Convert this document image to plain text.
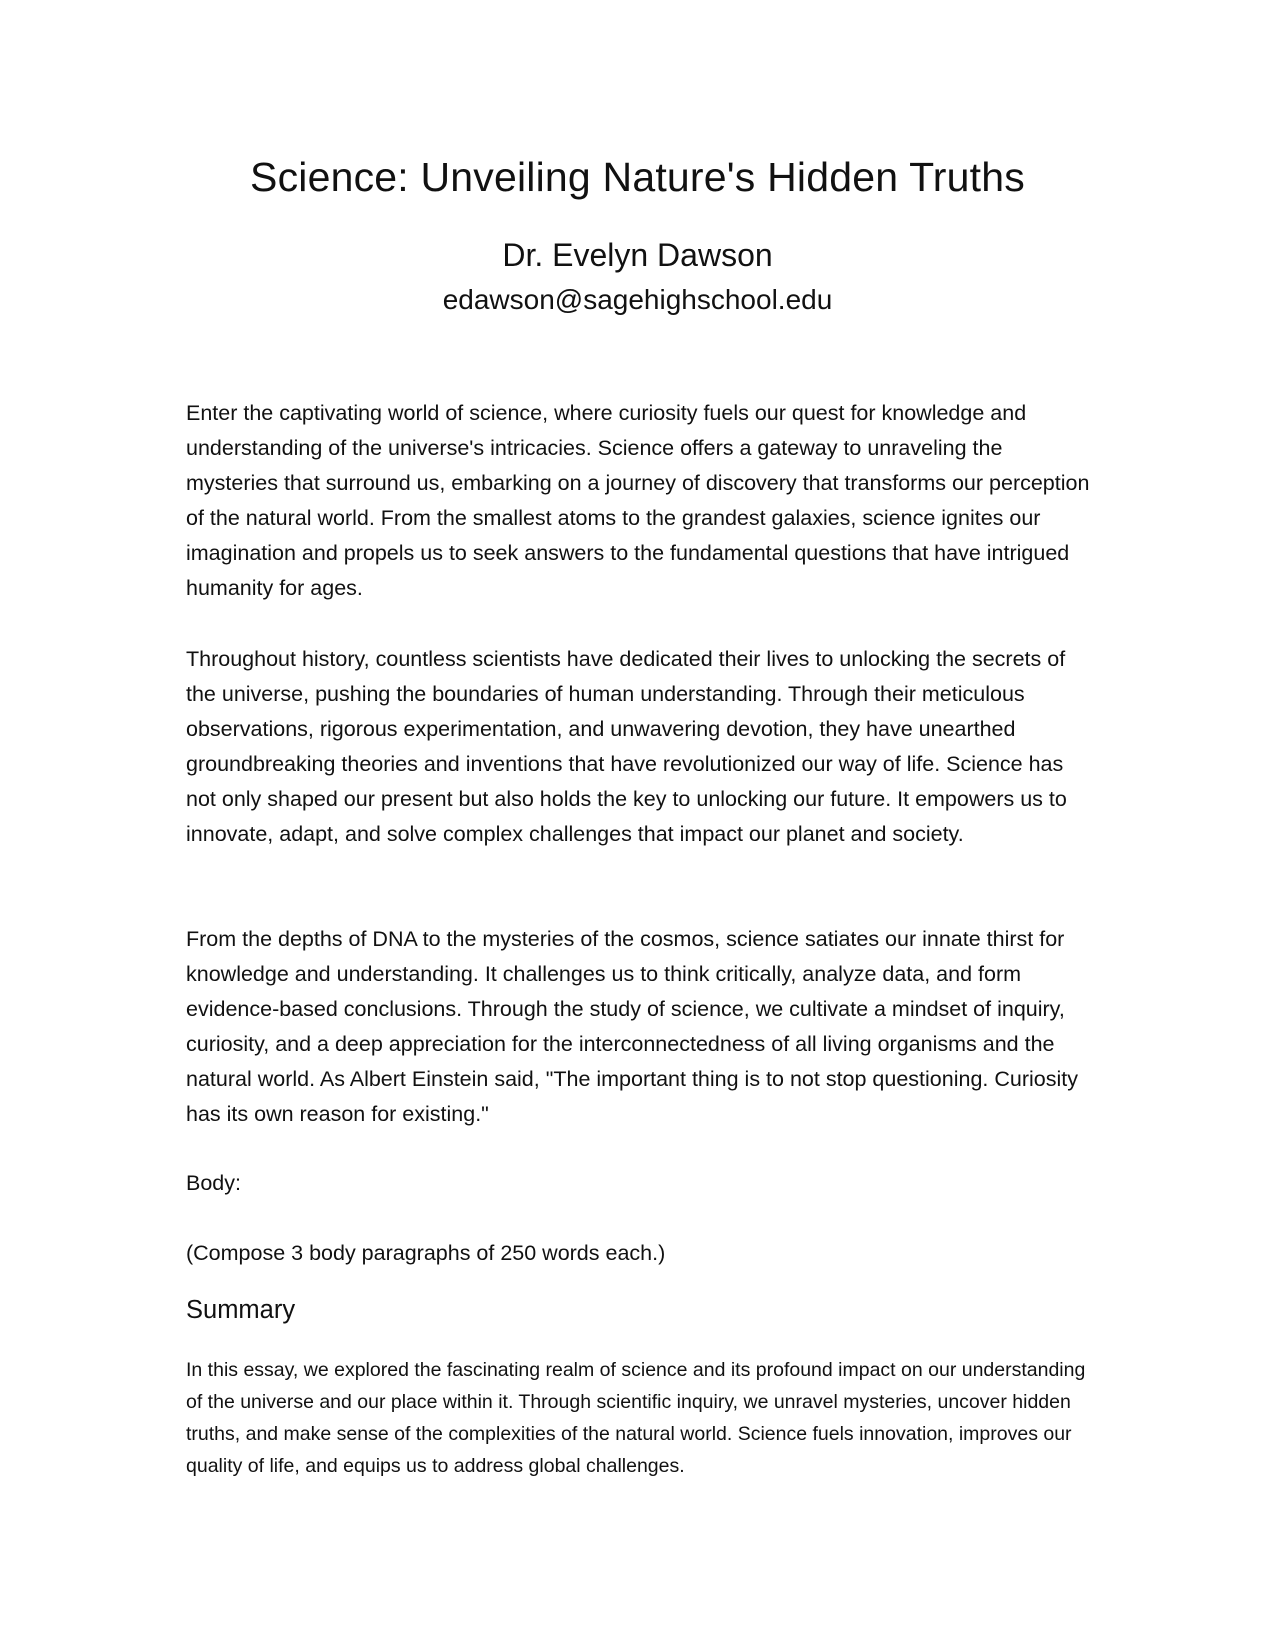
Science: Unveiling Nature's Hidden Truths
Dr. Evelyn Dawson
edawson@sagehighschool.edu

Enter the captivating world of science, where curiosity fuels our quest for knowledge and understanding of the universe's intricacies. Science offers a gateway to unraveling the mysteries that surround us, embarking on a journey of discovery that transforms our perception of the natural world. From the smallest atoms to the grandest galaxies, science ignites our imagination and propels us to seek answers to the fundamental questions that have intrigued humanity for ages.

Throughout history, countless scientists have dedicated their lives to unlocking the secrets of the universe, pushing the boundaries of human understanding. Through their meticulous observations, rigorous experimentation, and unwavering devotion, they have unearthed groundbreaking theories and inventions that have revolutionized our way of life. Science has not only shaped our present but also holds the key to unlocking our future. It empowers us to innovate, adapt, and solve complex challenges that impact our planet and society.

From the depths of DNA to the mysteries of the cosmos, science satiates our innate thirst for knowledge and understanding. It challenges us to think critically, analyze data, and form evidence-based conclusions. Through the study of science, we cultivate a mindset of inquiry, curiosity, and a deep appreciation for the interconnectedness of all living organisms and the natural world. As Albert Einstein said, "The important thing is to not stop questioning. Curiosity has its own reason for existing."

Body:

(Compose 3 body paragraphs of 250 words each.)

Summary

In this essay, we explored the fascinating realm of science and its profound impact on our understanding of the universe and our place within it. Through scientific inquiry, we unravel mysteries, uncover hidden truths, and make sense of the complexities of the natural world. Science fuels innovation, improves our quality of life, and equips us to address global challenges.
